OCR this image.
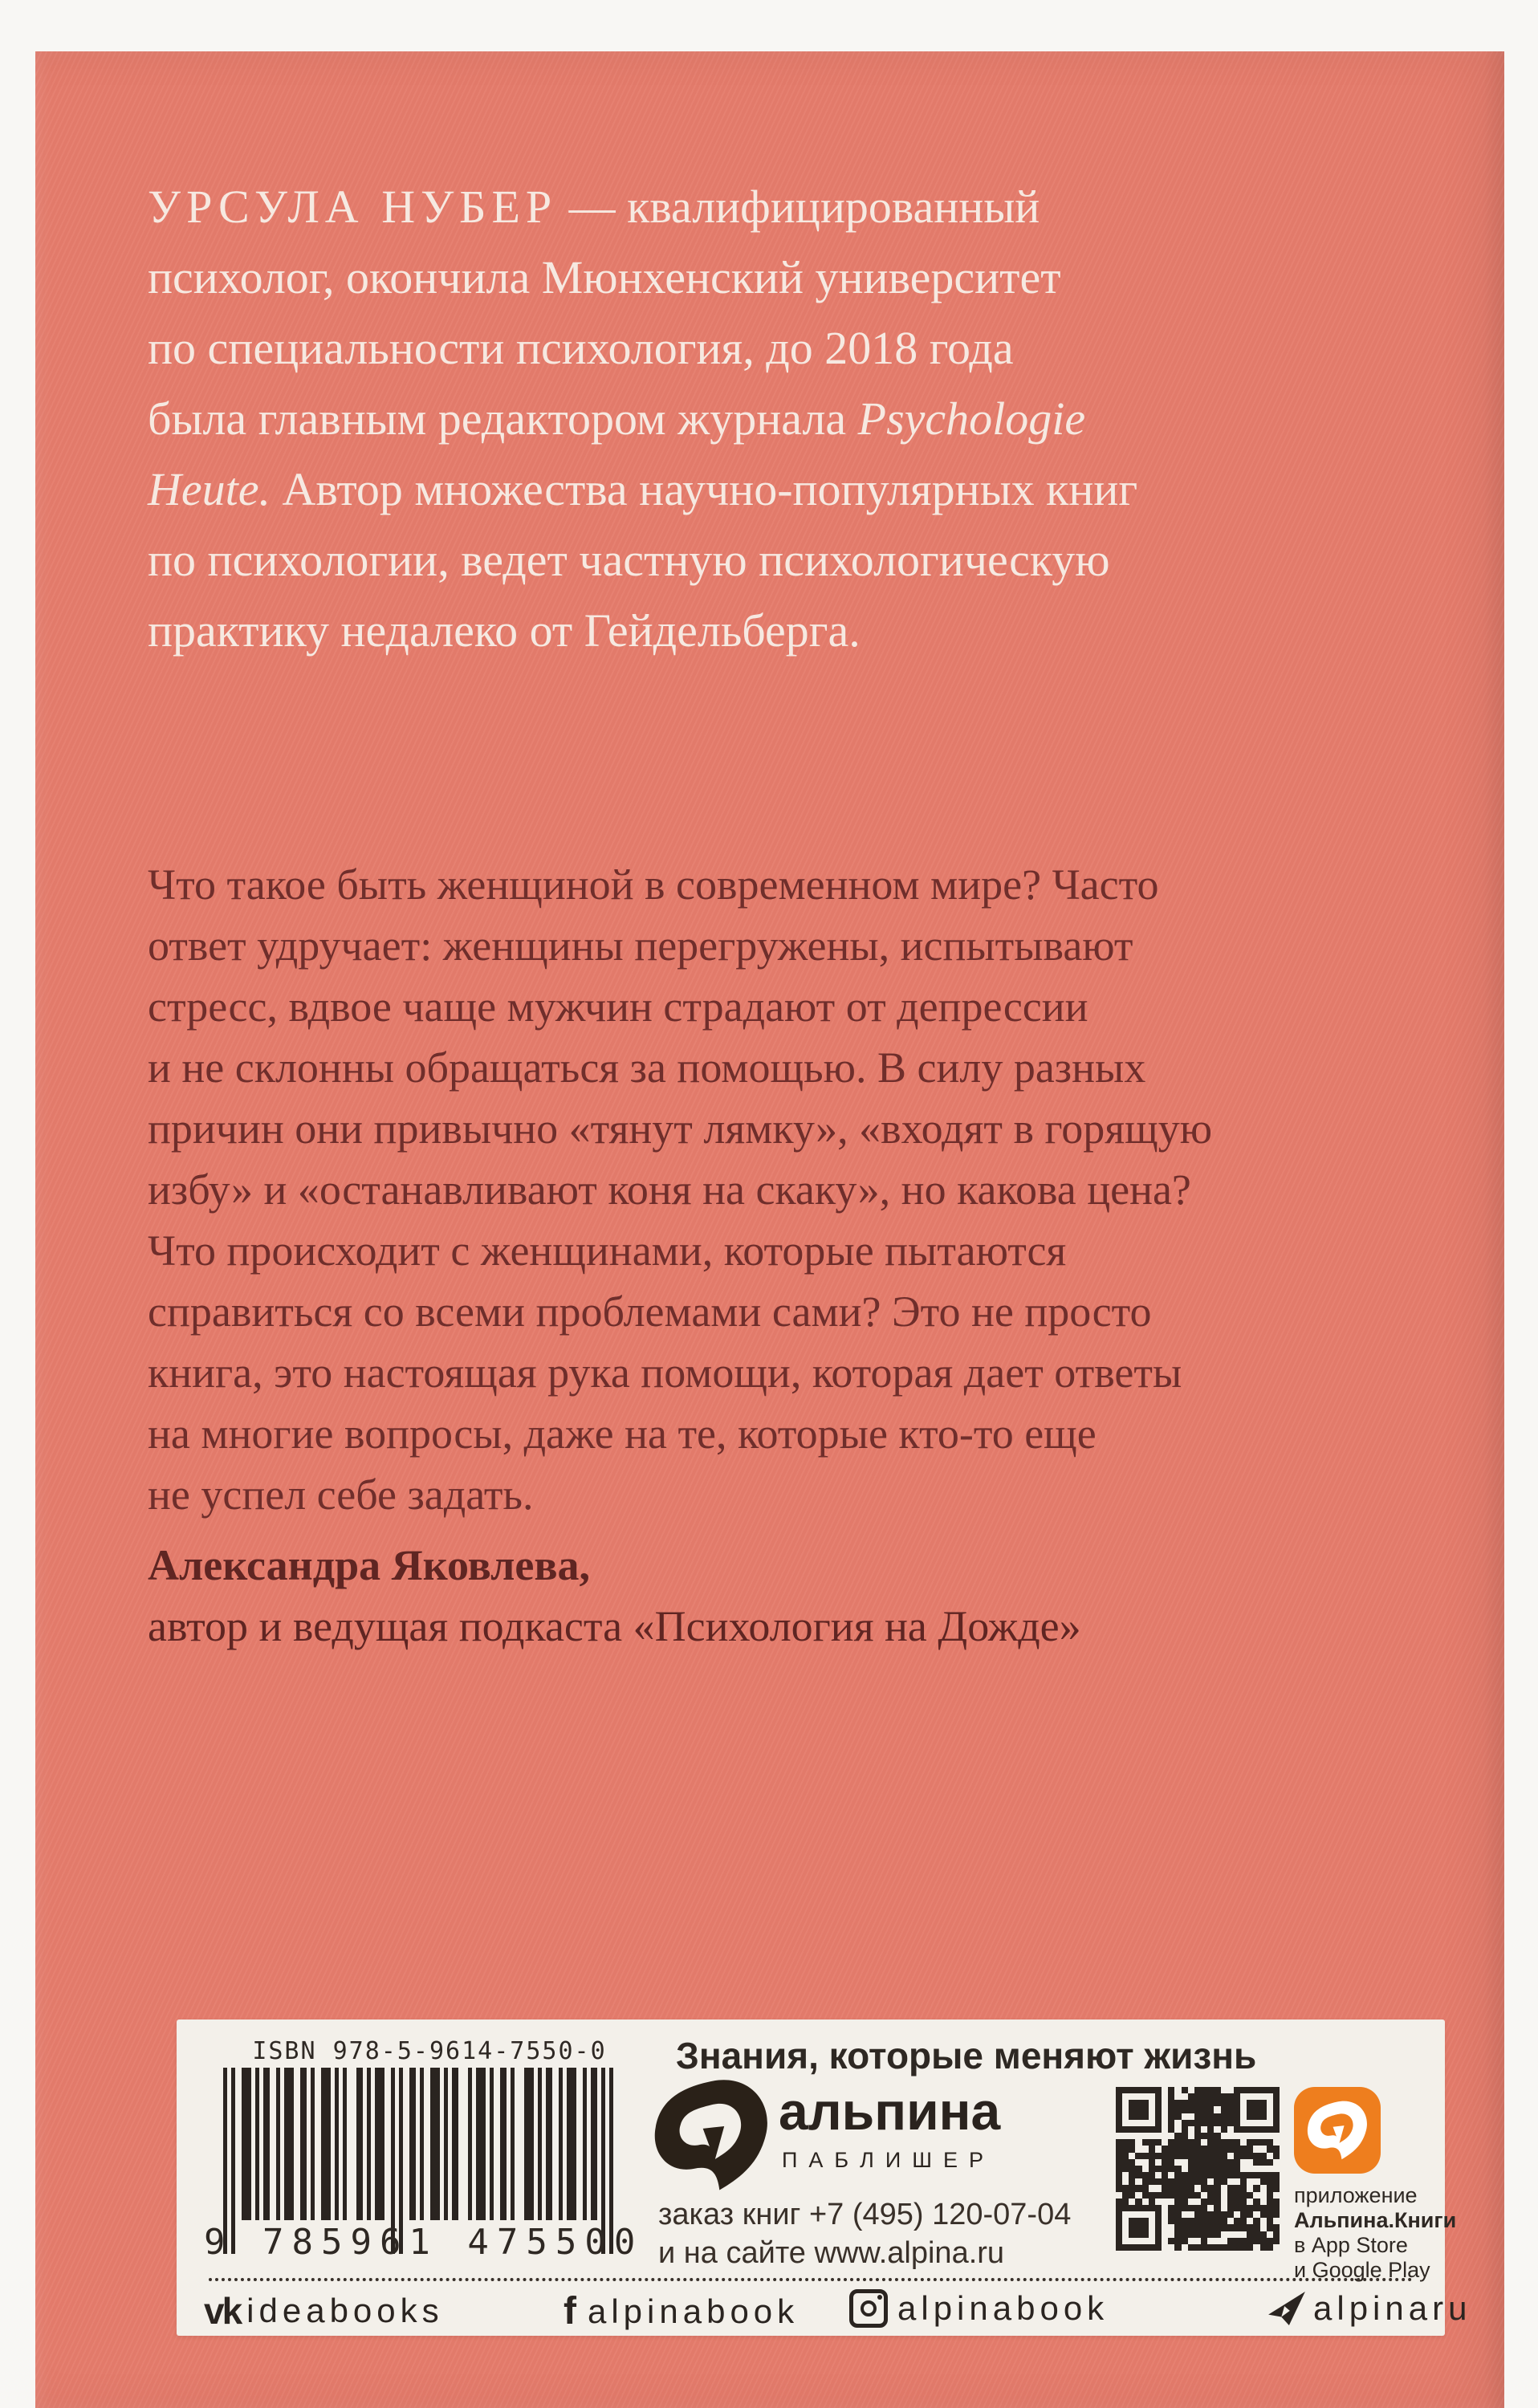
УРСУЛА НУБЕР — квалифицированный
психолог, окончила Мюнхенский университет
по специальности психология, до 2018 года
была главным редактором журнала Psychologie
Heute. Автор множества научно-популярных книг
по психологии, ведет частную психологическую
практику недалеко от Гейдельберга.
Что такое быть женщиной в современном мире? Часто
ответ удручает: женщины перегружены, испытывают
стресс, вдвое чаще мужчин страдают от депрессии
и не склонны обращаться за помощью. В силу разных
причин они привычно «тянут лямку», «входят в горящую
избу» и «останавливают коня на скаку», но какова цена?
Что происходит с женщинами, которые пытаются
справиться со всеми проблемами сами? Это не просто
книга, это настоящая рука помощи, которая дает ответы
на многие вопросы, даже на те, которые кто-то еще
не успел себе задать.
Александра Яковлева,
автор и ведущая подкаста «Психология на Дожде»
ISBN 978-5-9614-7550-0
9 785961 475500
Знания, которые меняют жизнь
альпина
ПАБЛИШЕР
заказ книг +7 (495) 120-07-04
и на сайте www.alpina.ru
приложение
Альпина.Книги
в App Store
и Google Play
vk ideabooks	f alpinabook	alpinabook	alpinaru
